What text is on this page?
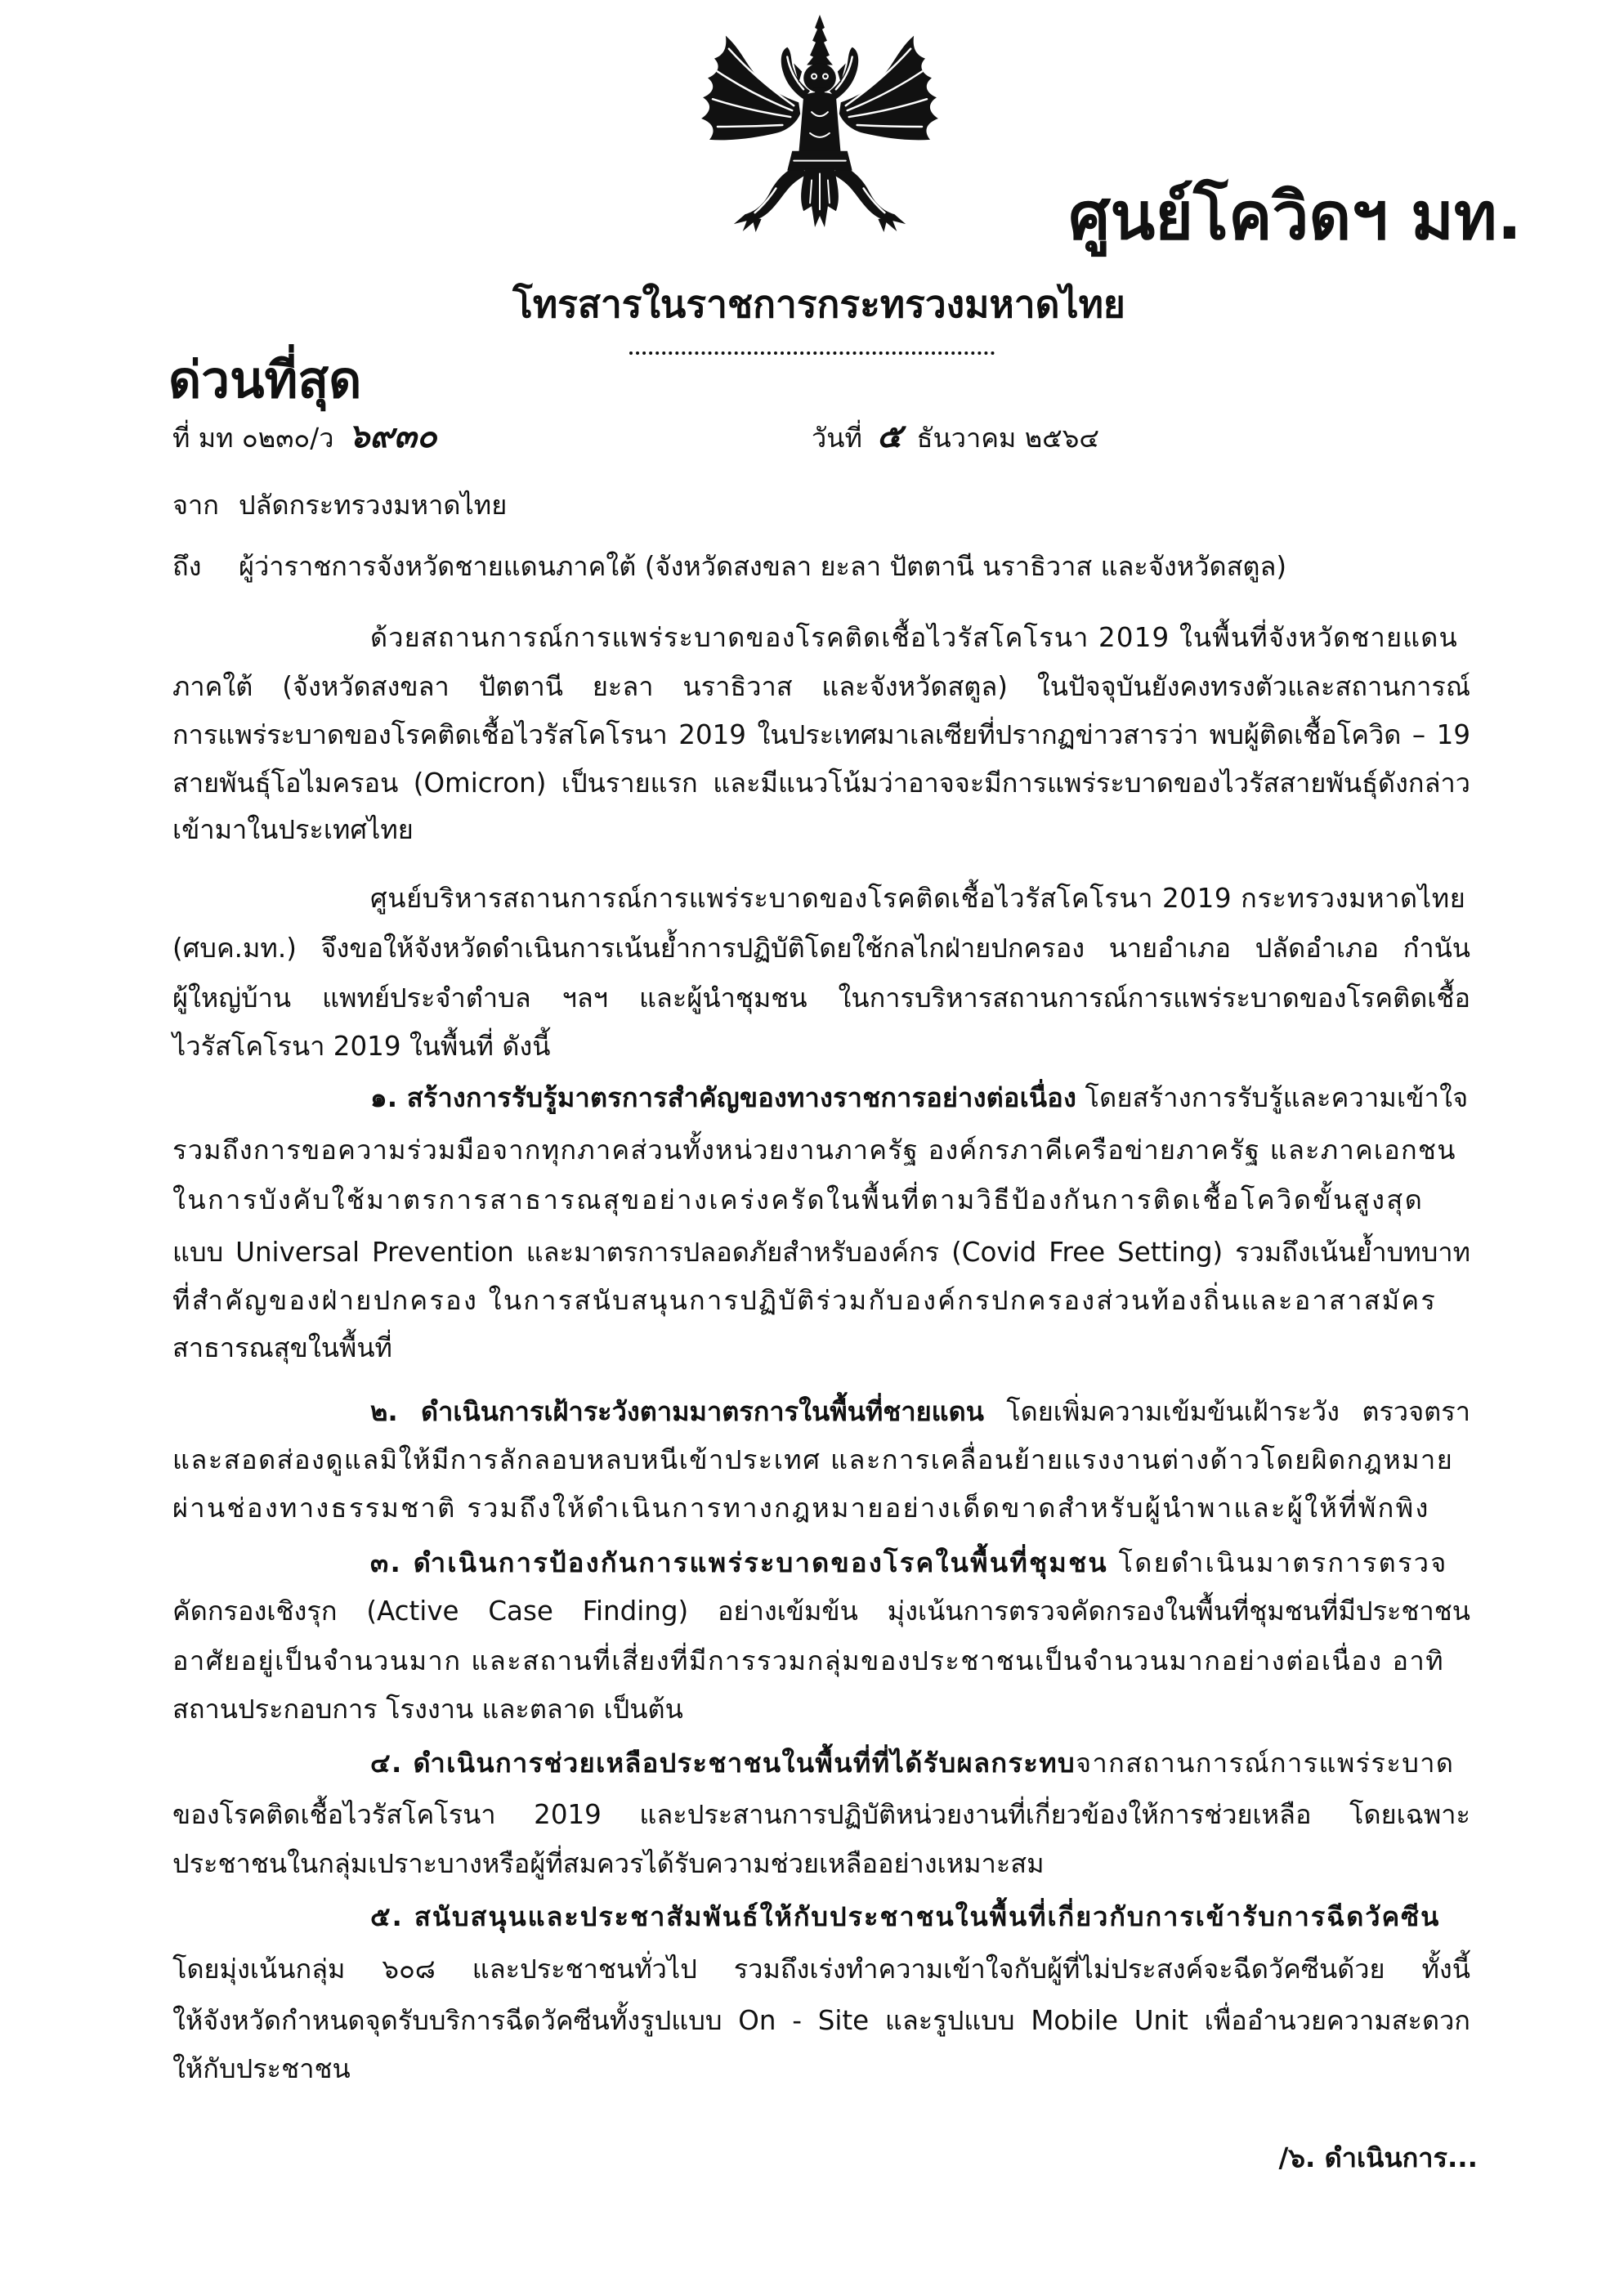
ศูนย์โควิดฯ มท.
โทรสารในราชการกระทรวงมหาดไทย
ด่วนที่สุด
ที่ มท ๐๒๓๐/ว ๖๙๓๐	วันที่ ๕ ธันวาคม ๒๕๖๔
จาก ปลัดกระทรวงมหาดไทย
ถึง	ผู้ว่าราชการจังหวัดชายแดนภาคใต้ (จังหวัดสงขลา ยะลา ปัตตานี นราธิวาส และจังหวัดสตูล)
ด้วยสถานการณ์การแพร่ระบาดของโรคติดเชื้อไวรัสโคโรนา 2019 ในพื้นที่จังหวัดชายแดน
ภาคใต้ (จังหวัดสงขลา ปัตตานี ยะลา นราธิวาส และจังหวัดสตูล) ในปัจจุบันยังคงทรงตัวและสถานการณ์
การแพร่ระบาดของโรคติดเชื้อไวรัสโคโรนา 2019 ในประเทศมาเลเซียที่ปรากฏข่าวสารว่า พบผู้ติดเชื้อโควิด – 19
สายพันธุ์โอไมครอน (Omicron) เป็นรายแรก และมีแนวโน้มว่าอาจจะมีการแพร่ระบาดของไวรัสสายพันธุ์ดังกล่าว
เข้ามาในประเทศไทย
ศูนย์บริหารสถานการณ์การแพร่ระบาดของโรคติดเชื้อไวรัสโคโรนา 2019 กระทรวงมหาดไทย
(ศบค.มท.) จึงขอให้จังหวัดดำเนินการเน้นย้ำการปฏิบัติโดยใช้กลไกฝ่ายปกครอง นายอำเภอ ปลัดอำเภอ กำนัน
ผู้ใหญ่บ้าน แพทย์ประจำตำบล ฯลฯ และผู้นำชุมชน ในการบริหารสถานการณ์การแพร่ระบาดของโรคติดเชื้อ
ไวรัสโคโรนา 2019 ในพื้นที่ ดังนี้
๑. สร้างการรับรู้มาตรการสำคัญของทางราชการอย่างต่อเนื่อง โดยสร้างการรับรู้และความเข้าใจ
รวมถึงการขอความร่วมมือจากทุกภาคส่วนทั้งหน่วยงานภาครัฐ องค์กรภาคีเครือข่ายภาครัฐ และภาคเอกชน
ในการบังคับใช้มาตรการสาธารณสุขอย่างเคร่งครัดในพื้นที่ตามวิธีป้องกันการติดเชื้อโควิดขั้นสูงสุด
แบบ Universal Prevention และมาตรการปลอดภัยสำหรับองค์กร (Covid Free Setting) รวมถึงเน้นย้ำบทบาท
ที่สำคัญของฝ่ายปกครอง ในการสนับสนุนการปฏิบัติร่วมกับองค์กรปกครองส่วนท้องถิ่นและอาสาสมัคร
สาธารณสุขในพื้นที่
๒. ดำเนินการเฝ้าระวังตามมาตรการในพื้นที่ชายแดน โดยเพิ่มความเข้มข้นเฝ้าระวัง ตรวจตรา
และสอดส่องดูแลมิให้มีการลักลอบหลบหนีเข้าประเทศ และการเคลื่อนย้ายแรงงานต่างด้าวโดยผิดกฎหมาย
ผ่านช่องทางธรรมชาติ รวมถึงให้ดำเนินการทางกฎหมายอย่างเด็ดขาดสำหรับผู้นำพาและผู้ให้ที่พักพิง
๓. ดำเนินการป้องกันการแพร่ระบาดของโรคในพื้นที่ชุมชน โดยดำเนินมาตรการตรวจ
คัดกรองเชิงรุก (Active Case Finding) อย่างเข้มข้น มุ่งเน้นการตรวจคัดกรองในพื้นที่ชุมชนที่มีประชาชน
อาศัยอยู่เป็นจำนวนมาก และสถานที่เสี่ยงที่มีการรวมกลุ่มของประชาชนเป็นจำนวนมากอย่างต่อเนื่อง อาทิ
สถานประกอบการ โรงงาน และตลาด เป็นต้น
๔. ดำเนินการช่วยเหลือประชาชนในพื้นที่ที่ได้รับผลกระทบจากสถานการณ์การแพร่ระบาด
ของโรคติดเชื้อไวรัสโคโรนา 2019 และประสานการปฏิบัติหน่วยงานที่เกี่ยวข้องให้การช่วยเหลือ โดยเฉพาะ
ประชาชนในกลุ่มเปราะบางหรือผู้ที่สมควรได้รับความช่วยเหลืออย่างเหมาะสม
๕. สนับสนุนและประชาสัมพันธ์ให้กับประชาชนในพื้นที่เกี่ยวกับการเข้ารับการฉีดวัคซีน
โดยมุ่งเน้นกลุ่ม ๖๐๘ และประชาชนทั่วไป รวมถึงเร่งทำความเข้าใจกับผู้ที่ไม่ประสงค์จะฉีดวัคซีนด้วย ทั้งนี้
ให้จังหวัดกำหนดจุดรับบริการฉีดวัคซีนทั้งรูปแบบ On - Site และรูปแบบ Mobile Unit เพื่ออำนวยความสะดวก
ให้กับประชาชน
/๖. ดำเนินการ...
